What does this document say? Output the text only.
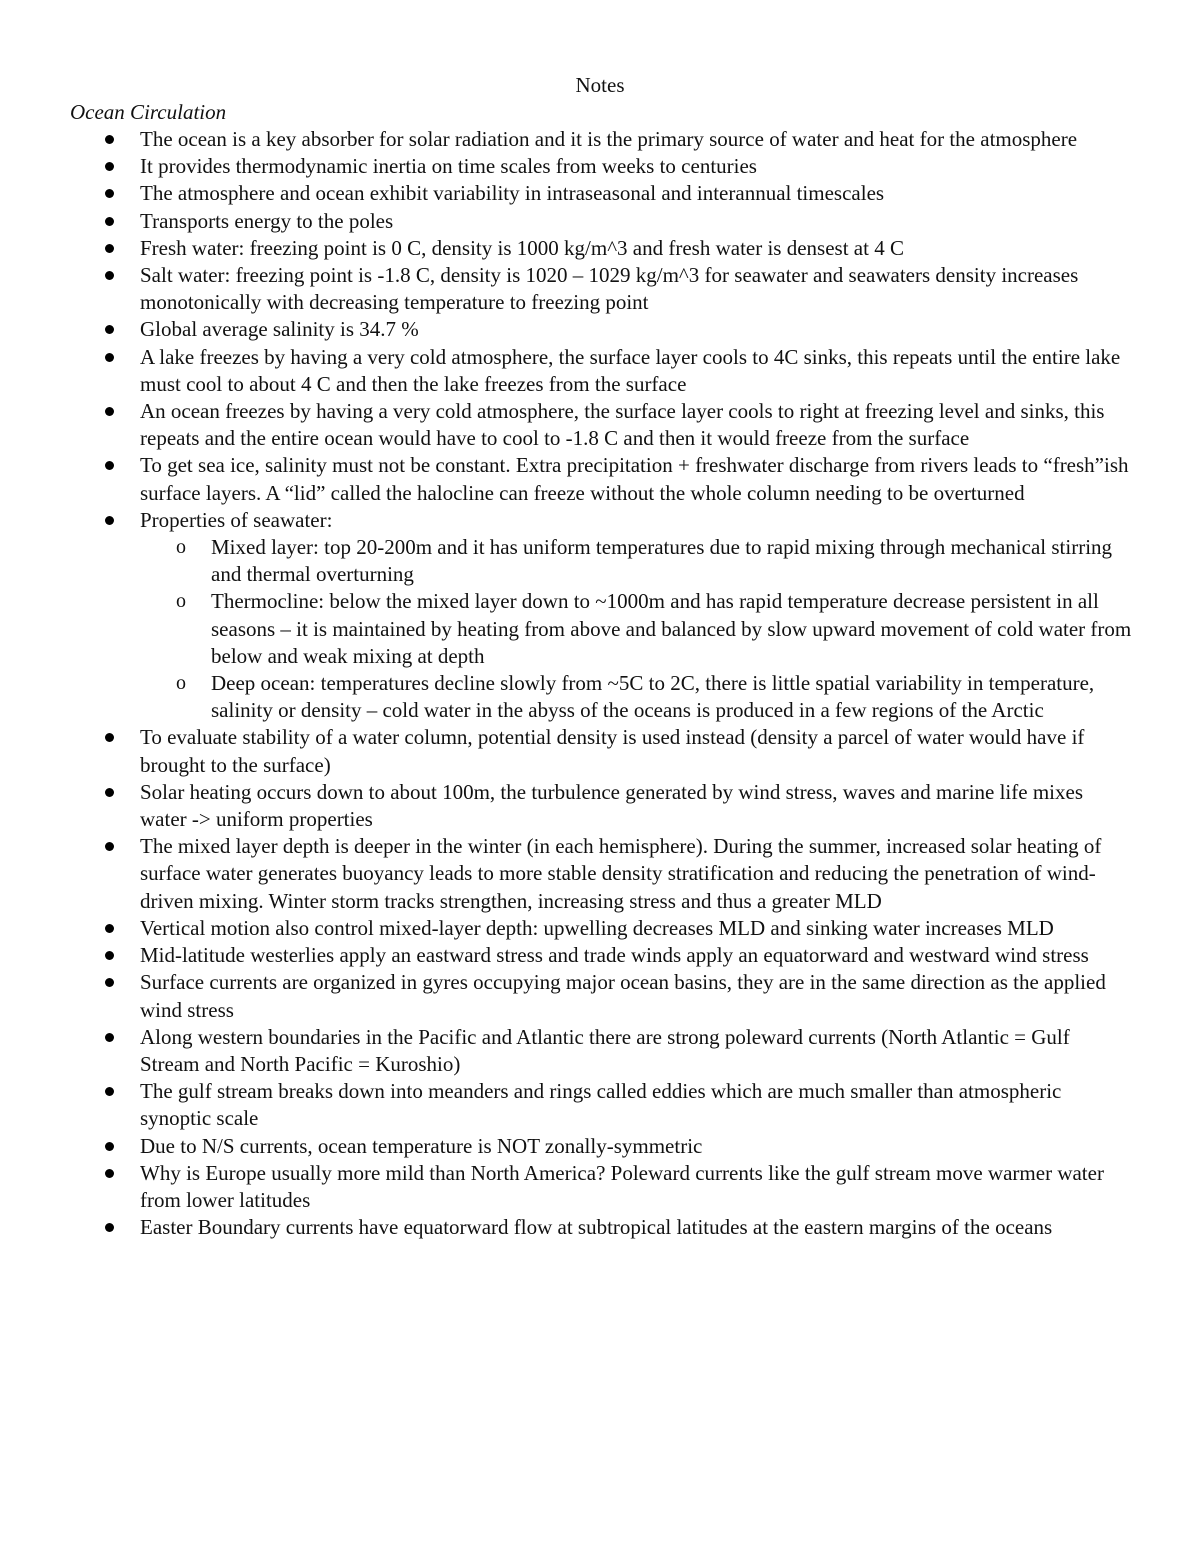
Notes
Ocean Circulation
The ocean is a key absorber for solar radiation and it is the primary source of water and heat for the atmosphere
It provides thermodynamic inertia on time scales from weeks to centuries
The atmosphere and ocean exhibit variability in intraseasonal and interannual timescales
Transports energy to the poles
Fresh water: freezing point is 0 C, density is 1000 kg/m^3 and fresh water is densest at 4 C
Salt water: freezing point is -1.8 C, density is 1020 – 1029 kg/m^3 for seawater and seawaters density increases monotonically with decreasing temperature to freezing point
Global average salinity is 34.7 %
A lake freezes by having a very cold atmosphere, the surface layer cools to 4C sinks, this repeats until the entire lake must cool to about 4 C and then the lake freezes from the surface
An ocean freezes by having a very cold atmosphere, the surface layer cools to right at freezing level and sinks, this repeats and the entire ocean would have to cool to -1.8 C and then it would freeze from the surface
To get sea ice, salinity must not be constant. Extra precipitation + freshwater discharge from rivers leads to “fresh”ish surface layers. A “lid” called the halocline can freeze without the whole column needing to be overturned
Properties of seawater:
o Mixed layer: top 20-200m and it has uniform temperatures due to rapid mixing through mechanical stirring and thermal overturning
o Thermocline: below the mixed layer down to ~1000m and has rapid temperature decrease persistent in all seasons – it is maintained by heating from above and balanced by slow upward movement of cold water from below and weak mixing at depth
o Deep ocean: temperatures decline slowly from ~5C to 2C, there is little spatial variability in temperature, salinity or density – cold water in the abyss of the oceans is produced in a few regions of the Arctic
To evaluate stability of a water column, potential density is used instead (density a parcel of water would have if brought to the surface)
Solar heating occurs down to about 100m, the turbulence generated by wind stress, waves and marine life mixes water -> uniform properties
The mixed layer depth is deeper in the winter (in each hemisphere). During the summer, increased solar heating of surface water generates buoyancy leads to more stable density stratification and reducing the penetration of wind-driven mixing. Winter storm tracks strengthen, increasing stress and thus a greater MLD
Vertical motion also control mixed-layer depth: upwelling decreases MLD and sinking water increases MLD
Mid-latitude westerlies apply an eastward stress and trade winds apply an equatorward and westward wind stress
Surface currents are organized in gyres occupying major ocean basins, they are in the same direction as the applied wind stress
Along western boundaries in the Pacific and Atlantic there are strong poleward currents (North Atlantic = Gulf Stream and North Pacific = Kuroshio)
The gulf stream breaks down into meanders and rings called eddies which are much smaller than atmospheric synoptic scale
Due to N/S currents, ocean temperature is NOT zonally-symmetric
Why is Europe usually more mild than North America? Poleward currents like the gulf stream move warmer water from lower latitudes
Easter Boundary currents have equatorward flow at subtropical latitudes at the eastern margins of the oceans
